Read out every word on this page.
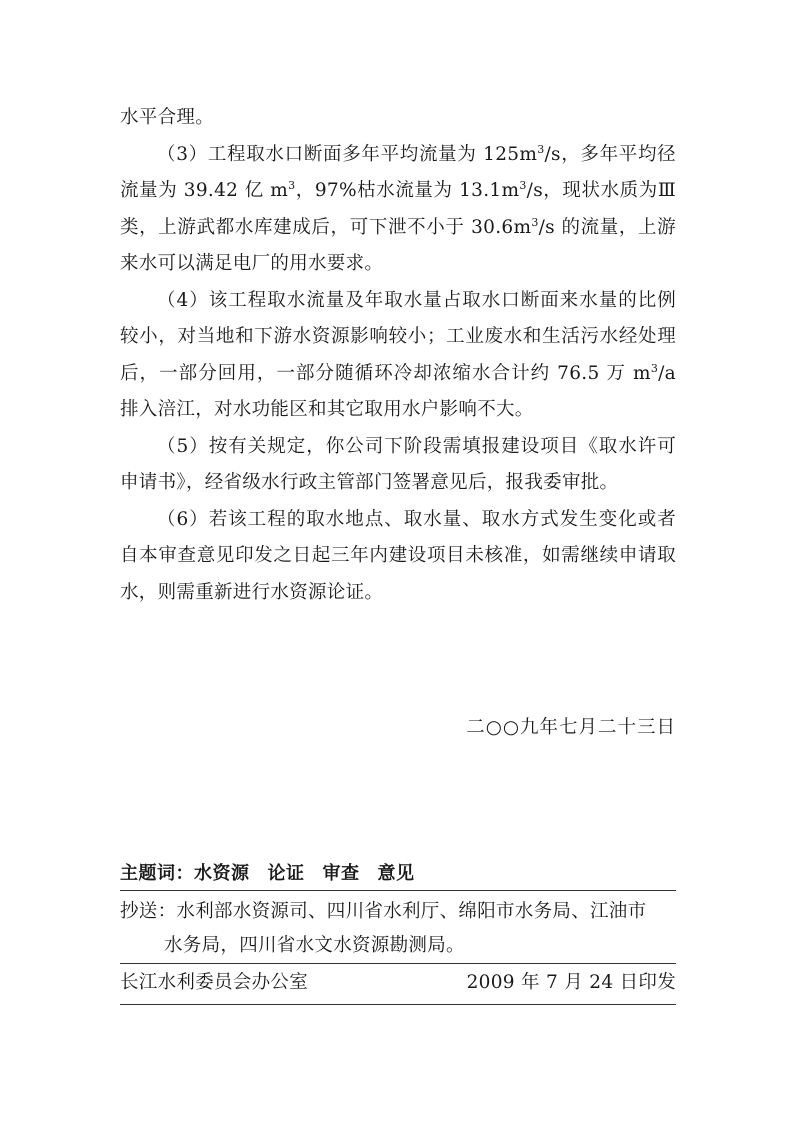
水平合理。

（3）工程取水口断面多年平均流量为 $125m^3/s$，多年平均径流量为 39.42 亿 $m^3$，97%枯水流量为 $13.1m^3/s$，现状水质为Ⅲ类，上游武都水库建成后，可下泄不小于 $30.6m^3/s$ 的流量，上游来水可以满足电厂的用水要求。

（4）该工程取水流量及年取水量占取水口断面来水量的比例较小，对当地和下游水资源影响较小；工业废水和生活污水经处理后，一部分回用，一部分随循环冷却浓缩水合计约 76.5 万 $m^3/a$ 排入涪江，对水功能区和其它取用水户影响不大。

（5）按有关规定，你公司下阶段需填报建设项目《取水许可申请书》，经省级水行政主管部门签署意见后，报我委审批。

（6）若该工程的取水地点、取水量、取水方式发生变化或者自本审查意见印发之日起三年内建设项目未核准，如需继续申请取水，则需重新进行水资源论证。

二○○九年七月二十三日

主题词：水资源 论证 审查 意见
抄送：水利部水资源司、四川省水利厅、绵阳市水务局、江油市
水务局，四川省水文水资源勘测局。
长江水利委员会办公室	2009 年 7 月 24 日印发
